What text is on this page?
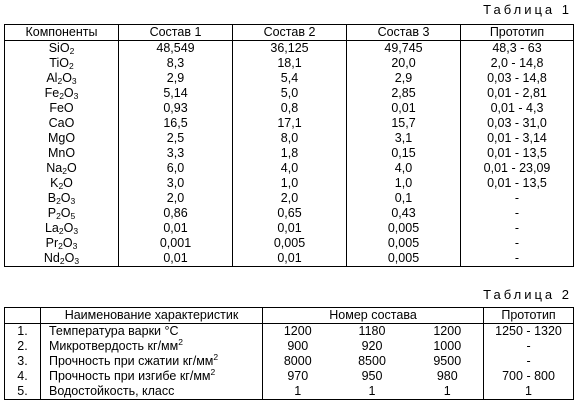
Таблица 1
Компоненты	Состав 1	Состав 2	Состав 3	Прототип
SiO$_2$	48,549	36,125	49,745	48,3 - 63
TiO$_2$	8,3	18,1	20,0	2,0 - 14,8
$Al_2O_3$	2,9	5,4	2,9	0,03 - 14,8
$Fe_2O_3$	5,14	5,0	2,85	0,01 - 2,81
FeO	0,93	0,8	0,01	0,01 - 4,3
CaO	16,5	17,1	15,7	0,03 - 31,0
MgO	2,5	8,0	3,1	0,01 - 3,14
MnO	3,3	1,8	0,15	0,01 - 13,5
$Na_2O$	6,0	4,0	4,0	0,01 - 23,09
$K_2O$	3,0	1,0	1,0	0,01 - 13,5
$B_2O_3$	2,0	2,0	0,1	-
$P_2O_5$	0,86	0,65	0,43	-
$La_2O_3$	0,01	0,01	0,005	-
$Pr_2O_3$	0,001	0,005	0,005	-
$Nd_2O_3$	0,01	0,01	0,005	-
Таблица 2
	Наименование характеристик	Номер состава			Прототип
1.	Температура варки °С	1200	1180	1200	1250 - 1320
2.	Микротвердость $кг/мм^2$	900	920	1000	-
3.	Прочность при сжатии $кг/мм^2$	8000	8500	9500	-
4.	Прочность при изгибе $кг/мм^2$	970	950	980	700 - 800
5.	Водостойкость, класс	1	1	1	1
